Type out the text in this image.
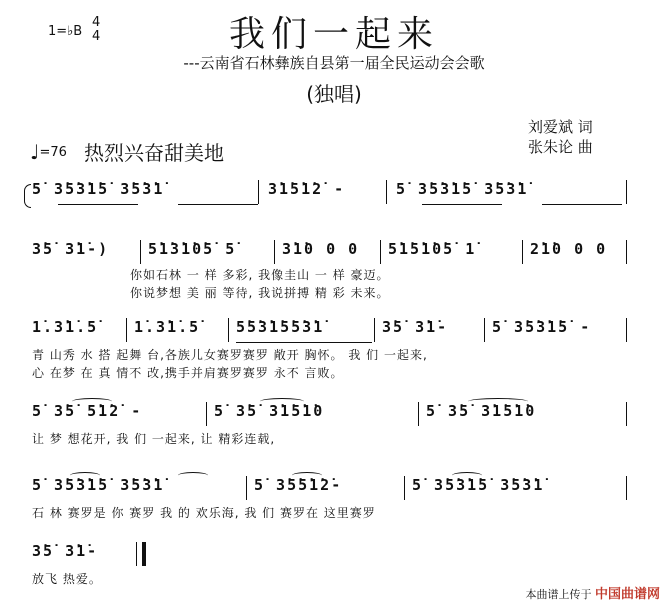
我们一起来
---云南省石林彝族自县第一届全民运动会会歌
(独唱)
1=♭B
4
4
刘爱斌 词
张朱论 曲
♩=76 热烈兴奋甜美地
5̇ 3̇5̇3̇1̇5̇ 3̇5̇3̇1̇	3̇1̇5̇1̇2̇ -	5̇ 3̇5̇3̇1̇5̇ 3̇5̇3̇1̇
3̇5̇ 3̇1̇-)	5̇1̇3̇1̇0̇5̇ 5̇	3̇1̇0 0 0 5̇1̇5̇1̇0̇5̇ 1̇	2̇1̇0 0 0
你如石林 一 样 多彩, 我像圭山 一 样 豪迈。
你说梦想 美 丽 等待, 我说拼搏 精 彩 未来。
1̇.3̇1̇.5̇ 1̇.3̇1̇.5̇ 5̇5̇3̇1̇5̇5̇3̇1̇	3̇5̇ 3̇1̇-	5̇ 3̇5̇3̇1̇5̇ -
青 山秀 水 搭 起舞 台,各族儿女赛罗赛罗 敞开 胸怀。 我 们 一起来,
心 在梦 在 真 情不 改,携手并肩赛罗赛罗 永不 言败。
5̇ 3̇5̇ 5̇1̇2̇ -	5̇ 3̇5̇ 3̇1̇5̇1̇0	5̇ 3̇5̇ 3̇1̇5̇1̇0
让 梦 想花开, 我 们 一起来, 让 精彩连载,
5̇ 3̇5̇3̇1̇5̇ 3̇5̇3̇1̇	5̇ 3̇5̇5̇1̇2̇-	5̇ 3̇5̇3̇1̇5̇ 3̇5̇3̇1̇
石 林 赛罗是 你 赛罗 我 的 欢乐海, 我 们 赛罗在 这里赛罗
3̇5̇ 3̇1̇-
放飞 热爱。
本曲谱上传于 中国曲谱网
